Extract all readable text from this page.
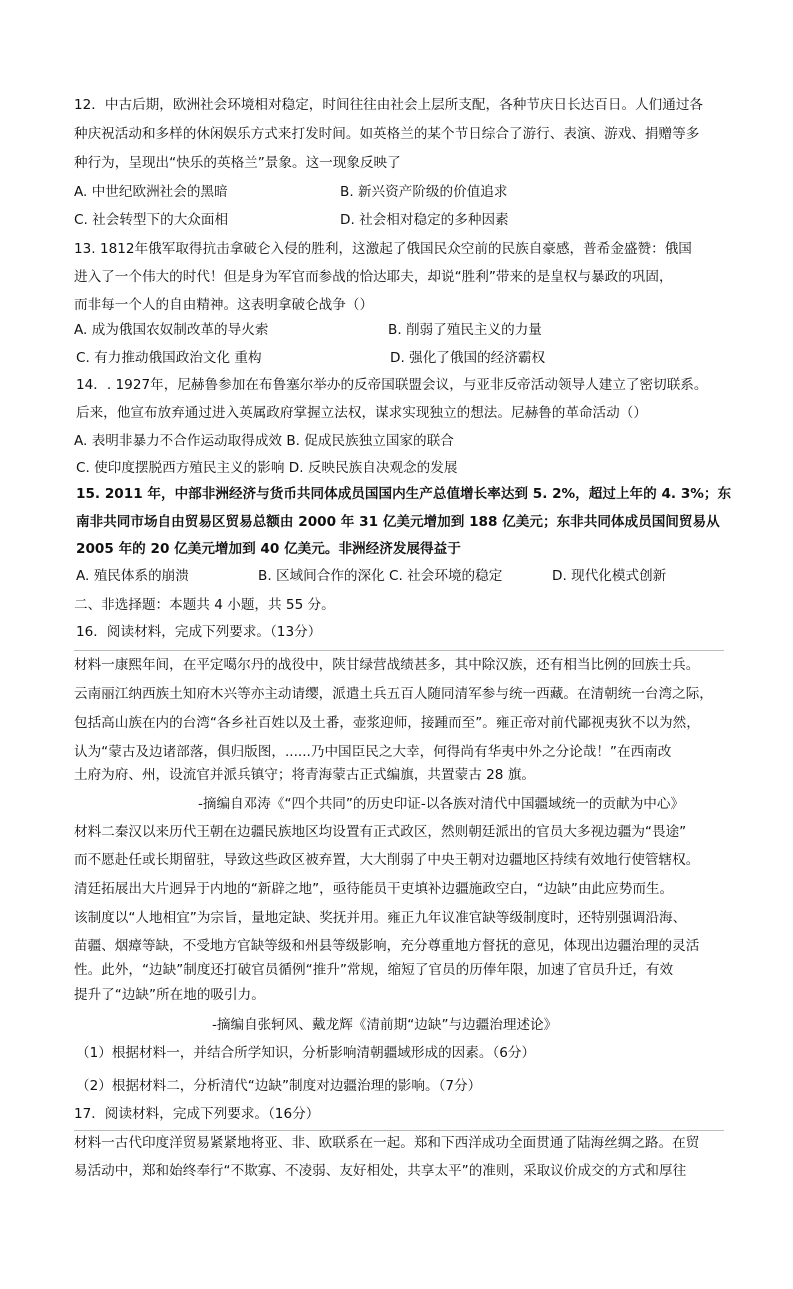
12．中古后期，欧洲社会环境相对稳定，时间往往由社会上层所支配，各种节庆日长达百日。人们通过各
种庆祝活动和多样的休闲娱乐方式来打发时间。如英格兰的某个节日综合了游行、表演、游戏、捐赠等多
种行为，呈现出“快乐的英格兰”景象。这一现象反映了
A. 中世纪欧洲社会的黑暗	B. 新兴资产阶级的价值追求
C. 社会转型下的大众面相	D. 社会相对稳定的多种因素
13. 1812年俄军取得抗击拿破仑入侵的胜利，这激起了俄国民众空前的民族自豪感，普希金盛赞：俄国
进入了一个伟大的时代！但是身为军官而参战的恰达耶夫，却说“胜利”带来的是皇权与暴政的巩固，
而非每一个人的自由精神。这表明拿破仑战争（）
A. 成为俄国农奴制改革的导火索	B. 削弱了殖民主义的力量
C. 有力推动俄国政治文化 重构	D. 强化了俄国的经济霸权
14．. 1927年，尼赫鲁参加在布鲁塞尔举办的反帝国联盟会议，与亚非反帝活动领导人建立了密切联系。
后来，他宣布放弃通过进入英属政府掌握立法权，谋求实现独立的想法。尼赫鲁的革命活动（）
A. 表明非暴力不合作运动取得成效 B. 促成民族独立国家的联合
C. 使印度摆脱西方殖民主义的影响 D. 反映民族自决观念的发展
15. 2011 年，中部非洲经济与货币共同体成员国国内生产总值增长率达到 5. 2%，超过上年的 4. 3%；东
南非共同市场自由贸易区贸易总额由 2000 年 31 亿美元增加到 188 亿美元；东非共同体成员国间贸易从
2005 年的 20 亿美元增加到 40 亿美元。非洲经济发展得益于
A. 殖民体系的崩溃	B. 区域间合作的深化 C. 社会环境的稳定	D. 现代化模式创新
二、非选择题：本题共 4 小题，共 55 分。
16．阅读材料，完成下列要求。（13分）
材料一康熙年间，在平定噶尔丹的战役中，陕甘绿营战绩甚多，其中除汉族，还有相当比例的回族士兵。
云南丽江纳西族土知府木兴等亦主动请缨，派遣土兵五百人随同清军参与统一西藏。在清朝统一台湾之际，
包括高山族在内的台湾“各乡社百姓以及土番，壶浆迎师，接踵而至”。雍正帝对前代鄙视夷狄不以为然，
认为“蒙古及边诸部落，俱归版图，......乃中国臣民之大幸，何得尚有华夷中外之分论哉！”在西南改
土府为府、州，设流官并派兵镇守；将青海蒙古正式编旗，共置蒙古 28 旗。
-摘编自邓涛《“四个共同”的历史印证-以各族对清代中国疆域统一的贡献为中心》
材料二秦汉以来历代王朝在边疆民族地区均设置有正式政区，然则朝廷派出的官员大多视边疆为“畏途”
而不愿赴任或长期留驻，导致这些政区被弃置，大大削弱了中央王朝对边疆地区持续有效地行使管辖权。
清廷拓展出大片迥异于内地的“新辟之地”，亟待能员干吏填补边疆施政空白，“边缺”由此应势而生。
该制度以“人地相宜”为宗旨，量地定缺、奖抚并用。雍正九年议准官缺等级制度时，还特别强调沿海、
苗疆、烟瘴等缺，不受地方官缺等级和州县等级影响，充分尊重地方督抚的意见，体现出边疆治理的灵活
性。此外，“边缺”制度还打破官员循例“推升”常规，缩短了官员的历俸年限，加速了官员升迁，有效
提升了“边缺”所在地的吸引力。
-摘编自张轲风、戴龙辉《清前期“边缺”与边疆治理述论》
（1）根据材料一，并结合所学知识，分析影响清朝疆域形成的因素。（6分）
（2）根据材料二，分析清代“边缺”制度对边疆治理的影响。（7分）
17．阅读材料，完成下列要求。（16分）
材料一古代印度洋贸易紧紧地将亚、非、欧联系在一起。郑和下西洋成功全面贯通了陆海丝绸之路。在贸
易活动中，郑和始终奉行“不欺寡、不凌弱、友好相处，共享太平”的准则，采取议价成交的方式和厚往
